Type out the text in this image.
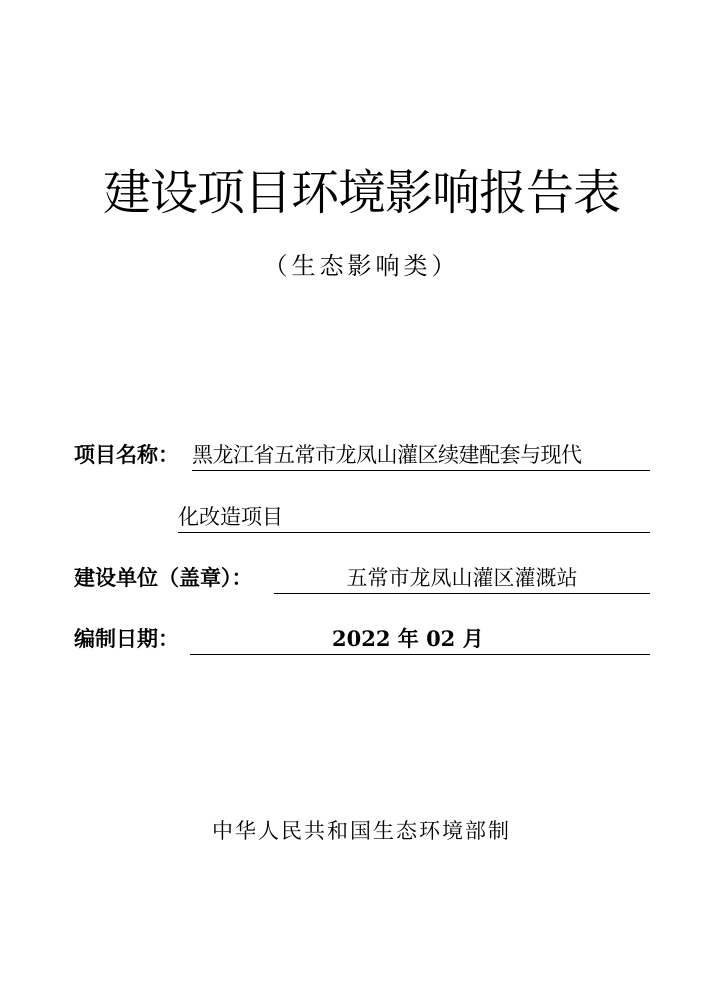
建设项目环境影响报告表
（生态影响类）
项目名称： 黑龙江省五常市龙凤山灌区续建配套与现代
化改造项目
建设单位（盖章）：	五常市龙凤山灌区灌溉站
编制日期：
	2022 年 02 月
中华人民共和国生态环境部制
